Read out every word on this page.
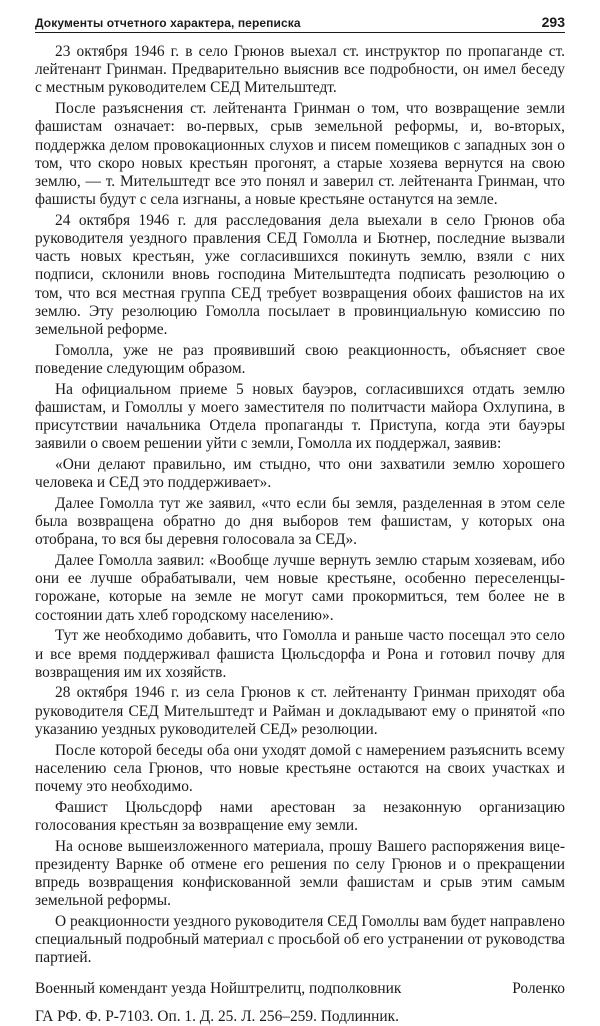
Документы отчетного характера, переписка	293

23 октября 1946 г. в село Грюнов выехал ст. инструктор по пропаганде ст. лейтенант Гринман. Предварительно выяснив все подробности, он имел беседу с местным руководителем СЕД Мительштедт.

После разъяснения ст. лейтенанта Гринман о том, что возвращение земли фашистам означает: во-первых, срыв земельной реформы, и, во-вторых, поддержка делом провокационных слухов и писем помещиков с западных зон о том, что скоро новых крестьян прогонят, а старые хозяева вернутся на свою землю, — т. Мительштедт все это понял и заверил ст. лейтенанта Гринман, что фашисты будут с села изгнаны, а новые крестьяне останутся на земле.

24 октября 1946 г. для расследования дела выехали в село Грюнов оба руководителя уездного правления СЕД Гомолла и Бютнер, последние вызвали часть новых крестьян, уже согласившихся покинуть землю, взяли с них подписи, склонили вновь господина Мительштедта подписать резолюцию о том, что вся местная группа СЕД требует возвращения обоих фашистов на их землю. Эту резолюцию Гомолла посылает в провинциальную комиссию по земельной реформе.

Гомолла, уже не раз проявивший свою реакционность, объясняет свое поведение следующим образом.

На официальном приеме 5 новых бауэров, согласившихся отдать землю фашистам, и Гомоллы у моего заместителя по политчасти майора Охлупина, в присутствии начальника Отдела пропаганды т. Приступа, когда эти бауэры заявили о своем решении уйти с земли, Гомолла их поддержал, заявив:

«Они делают правильно, им стыдно, что они захватили землю хорошего человека и СЕД это поддерживает».

Далее Гомолла тут же заявил, «что если бы земля, разделенная в этом селе была возвращена обратно до дня выборов тем фашистам, у которых она отобрана, то вся бы деревня голосовала за СЕД».

Далее Гомолла заявил: «Вообще лучше вернуть землю старым хозяевам, ибо они ее лучше обрабатывали, чем новые крестьяне, особенно переселенцы-горожане, которые на земле не могут сами прокормиться, тем более не в состоянии дать хлеб городскому населению».

Тут же необходимо добавить, что Гомолла и раньше часто посещал это село и все время поддерживал фашиста Цюльсдорфа и Рона и готовил почву для возвращения им их хозяйств.

28 октября 1946 г. из села Грюнов к ст. лейтенанту Гринман приходят оба руководителя СЕД Мительштедт и Райман и докладывают ему о принятой «по указанию уездных руководителей СЕД» резолюции.

После которой беседы оба они уходят домой с намерением разъяснить всему населению села Грюнов, что новые крестьяне остаются на своих участках и почему это необходимо.

Фашист Цюльсдорф нами арестован за незаконную организацию голосования крестьян за возвращение ему земли.

На основе вышеизложенного материала, прошу Вашего распоряжения вице-президенту Варнке об отмене его решения по селу Грюнов и о прекращении впредь возвращения конфискованной земли фашистам и срыв этим самым земельной реформы.

О реакционности уездного руководителя СЕД Гомоллы вам будет направлено специальный подробный материал с просьбой об его устранении от руководства партией.

Военный комендант уезда Нойштрелитц, подполковник	Роленко
ГА РФ. Ф. Р-7103. Оп. 1. Д. 25. Л. 256–259. Подлинник.
